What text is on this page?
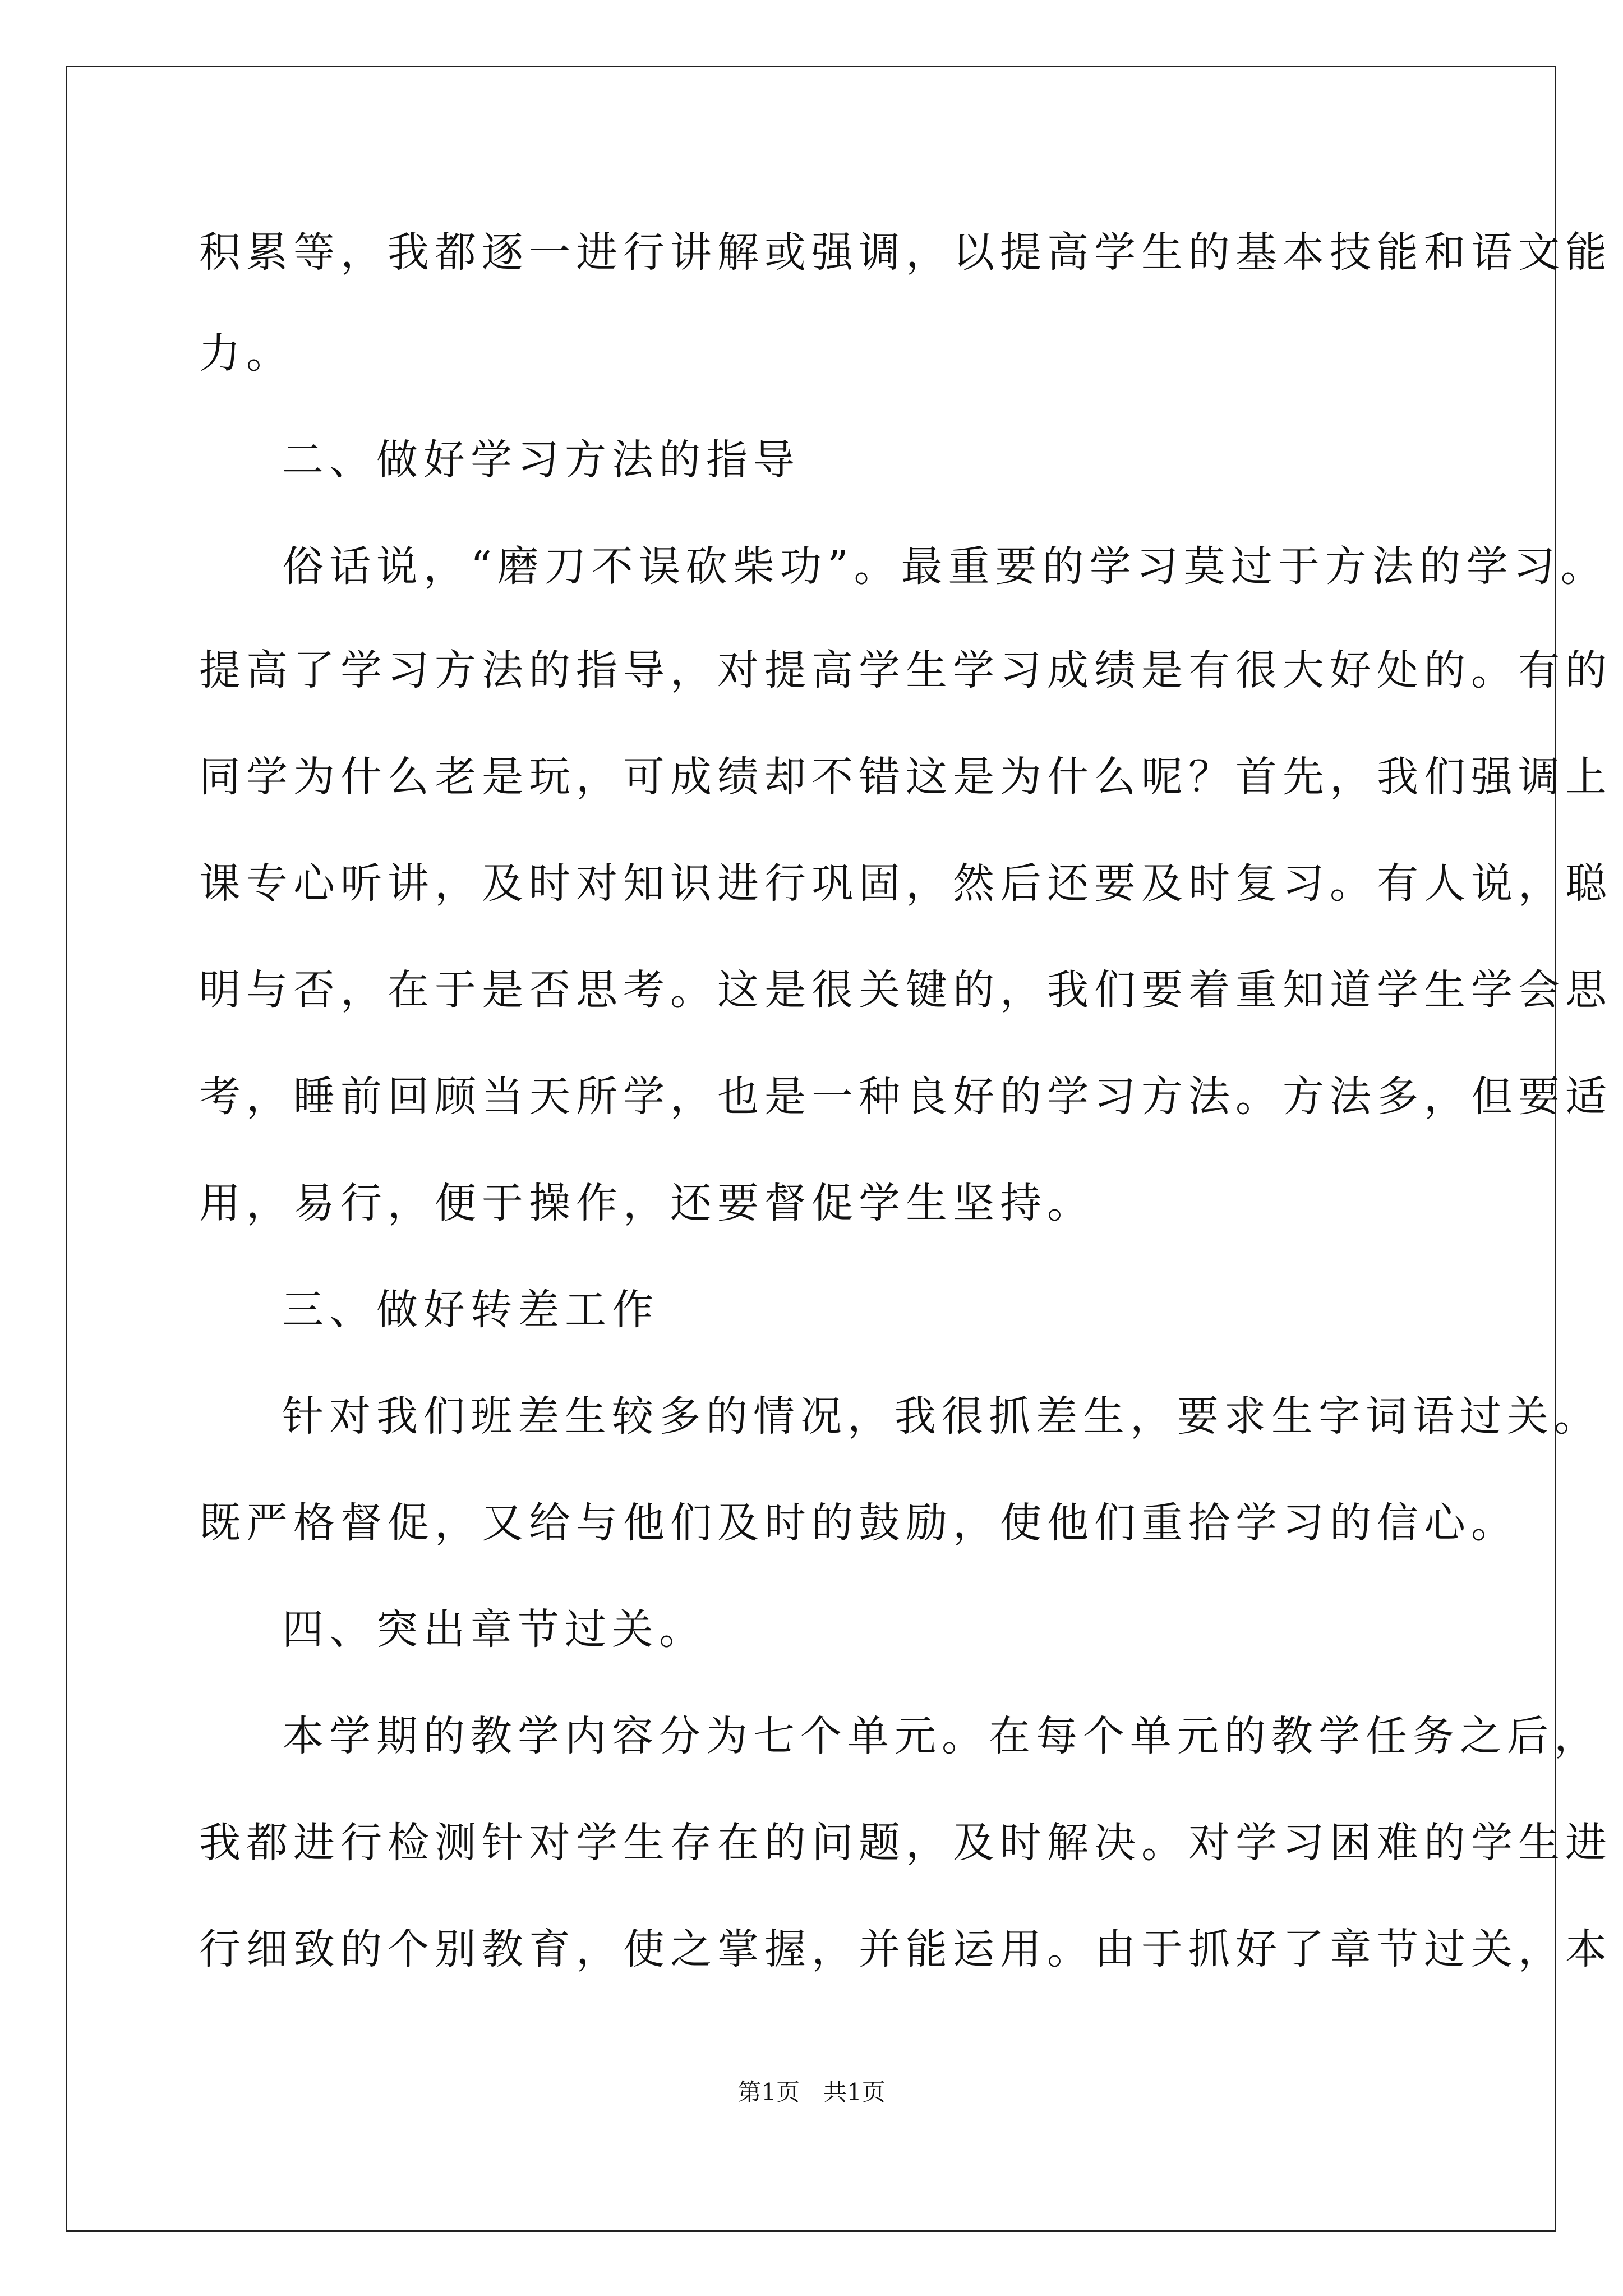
积累等，我都逐一进行讲解或强调，以提高学生的基本技能和语文能

力。

二、做好学习方法的指导

俗话说，“磨刀不误砍柴功”。最重要的学习莫过于方法的学习。

提高了学习方法的指导，对提高学生学习成绩是有很大好处的。有的

同学为什么老是玩，可成绩却不错这是为什么呢？首先，我们强调上

课专心听讲，及时对知识进行巩固，然后还要及时复习。有人说，聪

明与否，在于是否思考。这是很关键的，我们要着重知道学生学会思

考，睡前回顾当天所学，也是一种良好的学习方法。方法多，但要适

用，易行，便于操作，还要督促学生坚持。

三、做好转差工作

针对我们班差生较多的情况，我很抓差生，要求生字词语过关。

既严格督促，又给与他们及时的鼓励，使他们重拾学习的信心。

四、突出章节过关。

本学期的教学内容分为七个单元。在每个单元的教学任务之后，

我都进行检测针对学生存在的问题，及时解决。对学习困难的学生进

行细致的个别教育，使之掌握，并能运用。由于抓好了章节过关，本

第1页　共1页
